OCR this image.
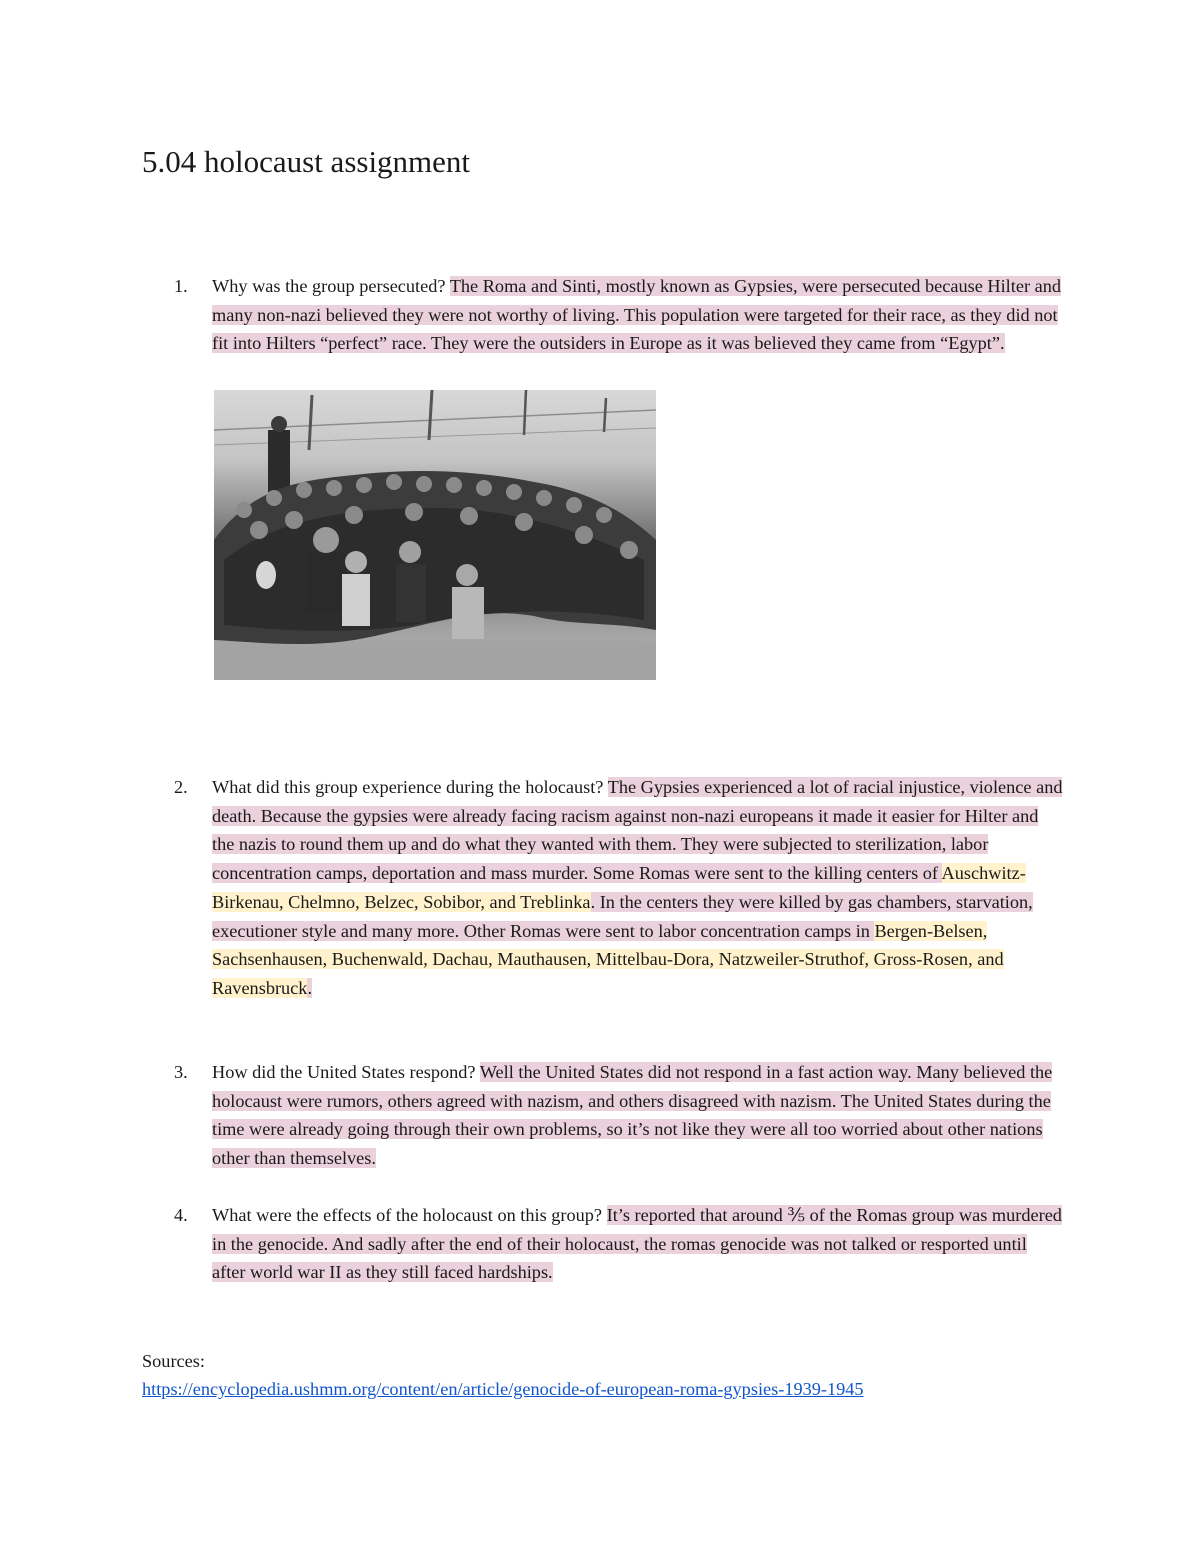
5.04 holocaust assignment
1.	Why was the group persecuted? The Roma and Sinti, mostly known as Gypsies, were persecuted because Hilter and many non-nazi believed they were not worthy of living. This population were targeted for their race, as they did not fit into Hilters “perfect” race. They were the outsiders in Europe as it was believed they came from “Egypt”.
2.	What did this group experience during the holocaust? The Gypsies experienced a lot of racial injustice, violence and death. Because the gypsies were already facing racism against non-nazi europeans it made it easier for Hilter and the nazis to round them up and do what they wanted with them. They were subjected to sterilization, labor concentration camps, deportation and mass murder. Some Romas were sent to the killing centers of Auschwitz-Birkenau, Chelmno, Belzec, Sobibor, and Treblinka. In the centers they were killed by gas chambers, starvation, executioner style and many more. Other Romas were sent to labor concentration camps in Bergen-Belsen, Sachsenhausen, Buchenwald, Dachau, Mauthausen, Mittelbau-Dora, Natzweiler-Struthof, Gross-Rosen, and Ravensbruck.
3.	How did the United States respond? Well the United States did not respond in a fast action way. Many believed the holocaust were rumors, others agreed with nazism, and others disagreed with nazism. The United States during the time were already going through their own problems, so it’s not like they were all too worried about other nations other than themselves.
4.	What were the effects of the holocaust on this group? It’s reported that around ⅗ of the Romas group was murdered in the genocide. And sadly after the end of their holocaust, the romas genocide was not talked or resported until after world war II as they still faced hardships.

Sources:

https://encyclopedia.ushmm.org/content/en/article/genocide-of-european-roma-gypsies-1939-1945
